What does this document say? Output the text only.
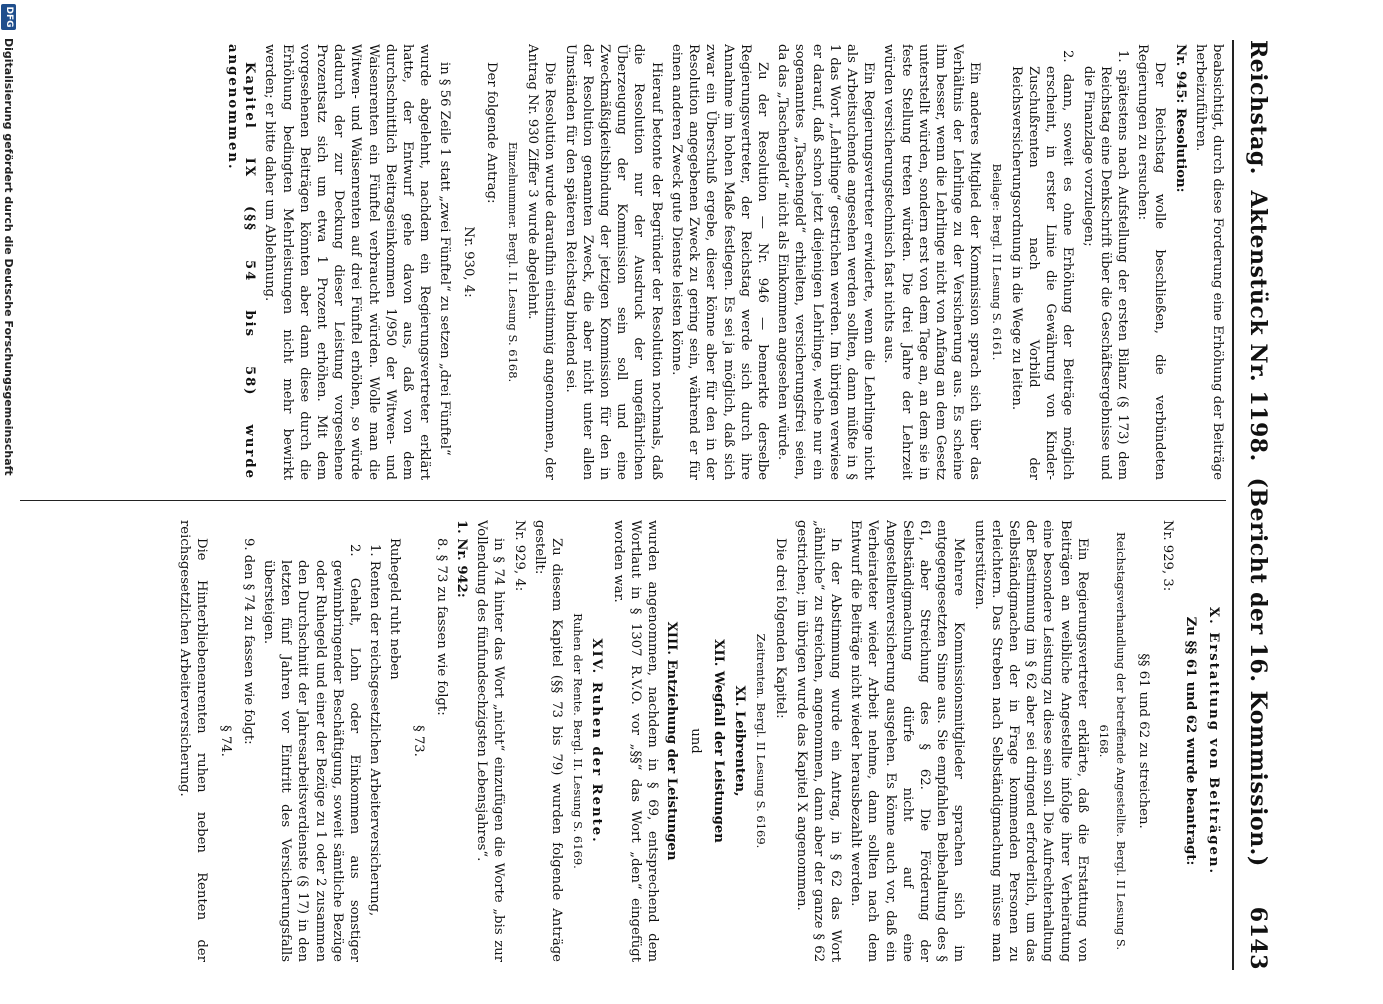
Reichstag.
Aktenstück Nr. 1198.
(Bericht der 16. Kommission.)
6143

beabsichtigt, durch diese Forderung eine Erhöhung der Beiträge herbeizuführen.

Nr. 945: Resolution:

Der Reichstag wolle beschließen, die verbündeten Regierungen zu ersuchen:

1. spätestens nach Aufstellung der ersten Bilanz (§ 173) dem Reichstag eine Denkschrift über die Geschäftsergebnisse und die Finanzlage vorzulegen;

2. dann, soweit es ohne Erhöhung der Beiträge möglich erscheint, in erster Linie die Gewährung von Kinder-Zuschußrenten nach Vorbild der Reichsversicherungsordnung in die Wege zu leiten.

Beilage: Bergl. II Lesung S. 6161.

Ein anderes Mitglied der Kommission sprach sich über das Verhältnis der Lehrlinge zu der Versicherung aus. Es scheine ihm besser, wenn die Lehrlinge nicht von Anfang an dem Gesetz unterstellt würden, sondern erst von dem Tage an, an dem sie in feste Stellung treten würden. Die drei Jahre der Lehrzeit würden versicherungstechnisch fast nichts aus.

Ein Regierungsvertreter erwiderte, wenn die Lehrlinge nicht als Arbeitsuchende angesehen werden sollten, dann müßte in § 1 das Wort „Lehrlinge“ gestrichen werden. Im übrigen verwiese er darauf, daß schon jetzt diejenigen Lehrlinge, welche nur ein sogenanntes „Taschengeld“ erhielten, versicherungsfrei seien, da das „Taschengeld“ nicht als Einkommen angesehen würde.

Zu der Resolution — Nr. 946 — bemerkte derselbe Regierungsvertreter, der Reichstag werde sich durch ihre Annahme im hohen Maße festlegen. Es sei ja möglich, daß sich zwar ein Überschuß ergebe, dieser könne aber für den in der Resolution angegebenen Zweck zu gering sein, während er für einen anderen Zweck gute Dienste leisten könne.

Hierauf betonte der Begründer der Resolution nochmals, daß die Resolution nur der Ausdruck der ungefährlichen Überzeugung der Kommission sein soll und eine Zweckmäßigkeitsbindung der jetzigen Kommission für den in der Resolution genannten Zweck, die aber nicht unter allen Umständen für den späteren Reichstag bindend sei.

Die Resolution wurde daraufhin einstimmig angenommen, der Antrag Nr. 930 Ziffer 3 wurde abgelehnt.

Einzelnummer. Bergl. II. Lesung S. 6168.

Der folgende Antrag:

Nr. 930, 4:

in § 56 Zeile 1 statt „zwei Fünftel“ zu setzen „drei Fünftel“

wurde abgelehnt, nachdem ein Regierungsvertreter erklärt hatte, der Entwurf gehe davon aus, daß von dem durchschnittlich Beitragseinkommen 1/950 der Witwen- und Waisenrenten ein Fünftel verbraucht würden. Wolle man die Witwen- und Waisenrenten auf drei Fünftel erhöhen, so würde dadurch der zur Deckung dieser Leistung vorgesehene Prozentsatz sich um etwa 1 Prozent erhöhen. Mit dem vorgesehenen Beiträgen könnten aber dann diese durch die Erhöhung bedingten Mehrleistungen nicht mehr bewirkt werden; er bitte daher um Ablehnung.

Kapitel IX (§§ 54 bis 58) wurde angenommen.

X. Erstattung von Beiträgen.

Zu §§ 61 und 62 wurde beantragt:

Nr. 929, 3:

§§ 61 und 62 zu streichen.

Reichstagsverhandlung der betreffende Angestellte. Bergl. II Lesung S. 6168.

Ein Regierungsvertreter erklärte, daß die Erstattung von Beiträgen an weibliche Angestellte infolge ihrer Verheiratung eine besondere Leistung zu diese sein soll. Die Aufrechterhaltung der Bestimmung im § 62 aber sei dringend erforderlich, um das Selbständigmachen der in Frage kommenden Personen zu erleichtern. Das Streben nach Selbständigmachung müsse man unterstützen.

Mehrere Kommissionsmitglieder sprachen sich im entgegengesetzten Sinne aus. Sie empfahlen Beibehaltung des § 61, aber Streichung des § 62. Die Förderung der Selbständigmachung dürfe nicht auf eine Angestelltenversicherung ausgehen. Es könne auch vor, daß ein Verheirateter wieder Arbeit nehme, dann sollten nach dem Entwurf die Beiträge nicht wieder herausbezahlt werden.

In der Abstimmung wurde ein Antrag, in § 62 das Wort „ähnliche“ zu streichen, angenommen, dann aber der ganze § 62 gestrichen; im übrigen wurde das Kapitel X angenommen.

Die drei folgenden Kapitel:

Zeitrenten. Bergl. II Lesung S. 6169.

XI. Leibrenten,

XII. Wegfall der Leistungen

und

XIII. Entziehung der Leistungen

wurden angenommen, nachdem in § 69, entsprechend dem Wortlaut in § 1307 R.V.O. vor „§§“ das Wort „den“ eingefügt worden war.

XIV. Ruhen der Rente.

Ruhen der Rente. Bergl. II. Lesung S. 6169.

Zu diesem Kapitel (§§ 73 bis 79) wurden folgende Anträge gestellt:

Nr. 929, 4:

in § 74 hinter das Wort „nicht“ einzufügen die Worte „bis zur Vollendung des fünfundsechzigsten Lebensjahres“.

1. Nr. 942:

8. § 73 zu fassen wie folgt:

§ 73.

Ruhegeld ruht neben

1. Renten der reichsgesetzlichen Arbeiterversicherung,

2. Gehalt, Lohn oder Einkommen aus sonstiger gewinnbringender Beschäftigung, soweit sämtliche Bezüge oder Ruhegeld und einer der Bezüge zu 1 oder 2 zusammen den Durchschnitt der Jahresarbeitsverdienste (§ 17) in den letzten fünf Jahren vor Eintritt des Versicherungsfalls übersteigen.

9. den § 74 zu fassen wie folgt:

§ 74.

Die Hinterbliebenenrenten ruhen neben Renten der reichsgesetzlichen Arbeiterversicherung.

DFG
Digitalisierung gefördert durch die Deutsche Forschungsgemeinschaft
